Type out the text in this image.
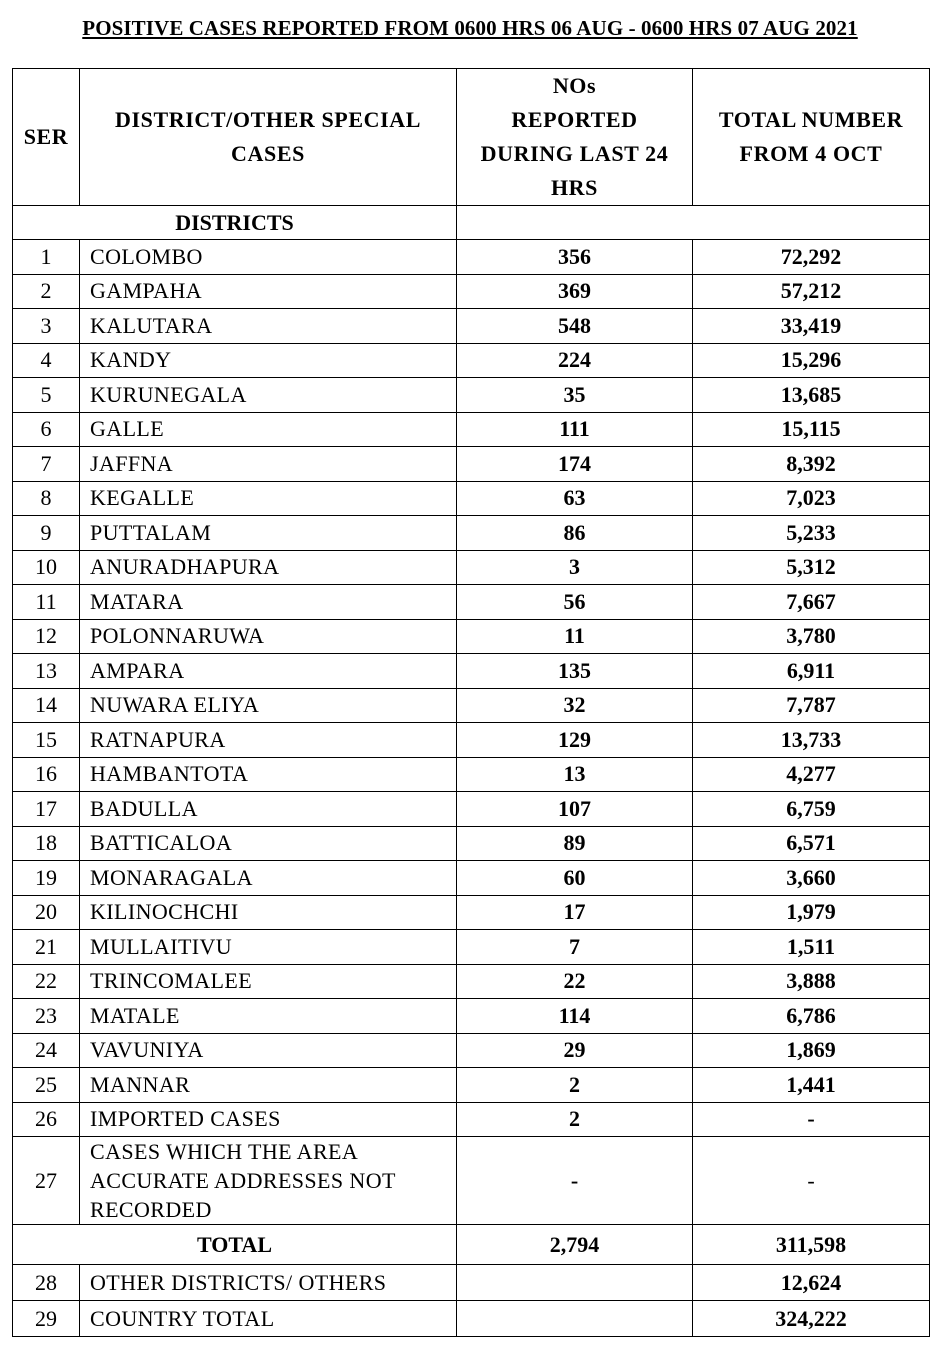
POSITIVE CASES REPORTED FROM 0600 HRS 06 AUG - 0600 HRS 07 AUG 2021
SER	DISTRICT/OTHER SPECIAL CASES	NOs
REPORTED
DURING LAST 24
HRS	TOTAL NUMBER
FROM 4 OCT
DISTRICTS			
1	COLOMBO	356	72,292
2	GAMPAHA	369	57,212
3	KALUTARA	548	33,419
4	KANDY	224	15,296
5	KURUNEGALA	35	13,685
6	GALLE	111	15,115
7	JAFFNA	174	8,392
8	KEGALLE	63	7,023
9	PUTTALAM	86	5,233
10	ANURADHAPURA	3	5,312
11	MATARA	56	7,667
12	POLONNARUWA	11	3,780
13	AMPARA	135	6,911
14	NUWARA ELIYA	32	7,787
15	RATNAPURA	129	13,733
16	HAMBANTOTA	13	4,277
17	BADULLA	107	6,759
18	BATTICALOA	89	6,571
19	MONARAGALA	60	3,660
20	KILINOCHCHI	17	1,979
21	MULLAITIVU	7	1,511
22	TRINCOMALEE	22	3,888
23	MATALE	114	6,786
24	VAVUNIYA	29	1,869
25	MANNAR	2	1,441
26	IMPORTED CASES	2	-
27	CASES WHICH THE AREA
ACCURATE ADDRESSES NOT
RECORDED	-	-
TOTAL		2,794	311,598
28	OTHER DISTRICTS/ OTHERS		12,624
29	COUNTRY TOTAL		324,222
